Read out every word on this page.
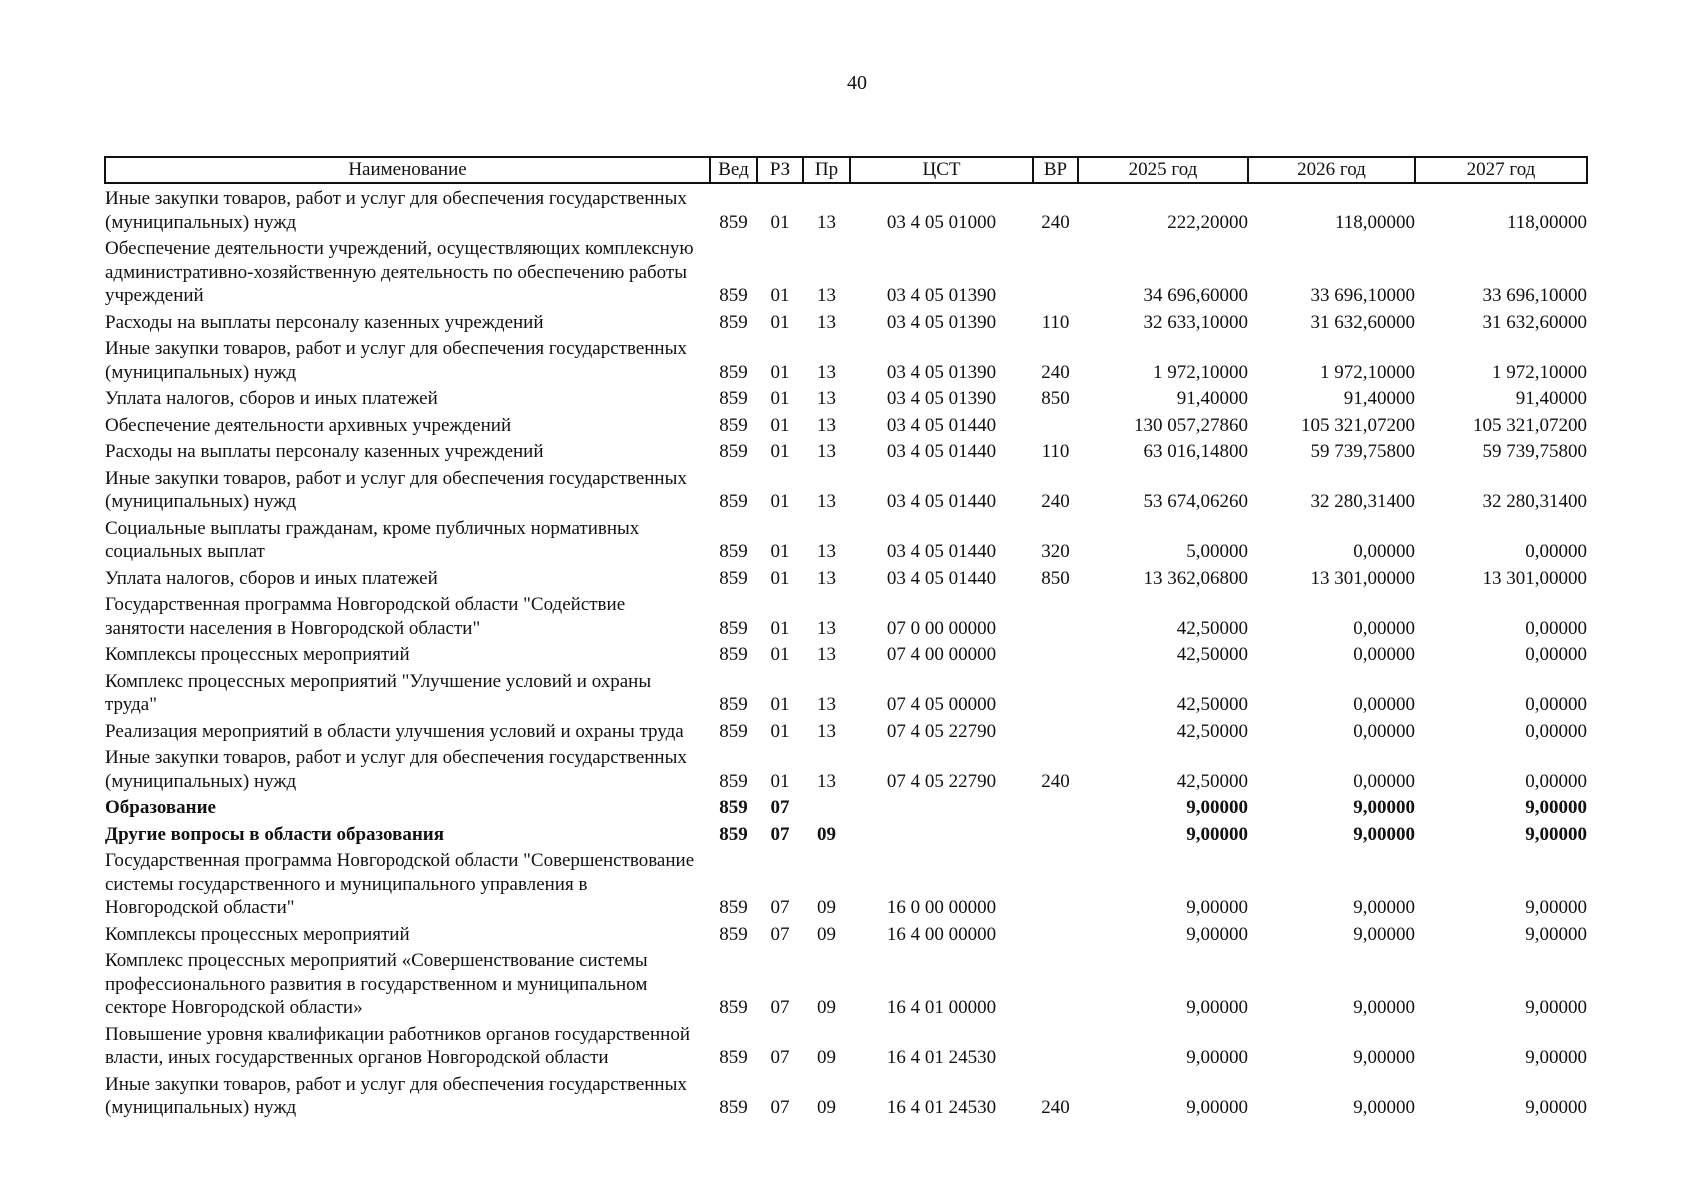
40
Наименование	Вед	РЗ	Пр	ЦСТ	ВР	2025 год	2026 год	2027 год
Иные закупки товаров, работ и услуг для обеспечения государственных (муниципальных) нужд	859	01	13	03 4 05 01000	240	222,20000	118,00000	118,00000
Обеспечение деятельности учреждений, осуществляющих комплексную административно-хозяйственную деятельность по обеспечению работы учреждений	859	01	13	03 4 05 01390		34 696,60000	33 696,10000	33 696,10000
Расходы на выплаты персоналу казенных учреждений	859	01	13	03 4 05 01390	110	32 633,10000	31 632,60000	31 632,60000
Иные закупки товаров, работ и услуг для обеспечения государственных (муниципальных) нужд	859	01	13	03 4 05 01390	240	1 972,10000	1 972,10000	1 972,10000
Уплата налогов, сборов и иных платежей	859	01	13	03 4 05 01390	850	91,40000	91,40000	91,40000
Обеспечение деятельности архивных учреждений	859	01	13	03 4 05 01440		130 057,27860	105 321,07200	105 321,07200
Расходы на выплаты персоналу казенных учреждений	859	01	13	03 4 05 01440	110	63 016,14800	59 739,75800	59 739,75800
Иные закупки товаров, работ и услуг для обеспечения государственных (муниципальных) нужд	859	01	13	03 4 05 01440	240	53 674,06260	32 280,31400	32 280,31400
Социальные выплаты гражданам, кроме публичных нормативных социальных выплат	859	01	13	03 4 05 01440	320	5,00000	0,00000	0,00000
Уплата налогов, сборов и иных платежей	859	01	13	03 4 05 01440	850	13 362,06800	13 301,00000	13 301,00000
Государственная программа Новгородской области "Содействие занятости населения в Новгородской области"	859	01	13	07 0 00 00000		42,50000	0,00000	0,00000
Комплексы процессных мероприятий	859	01	13	07 4 00 00000		42,50000	0,00000	0,00000
Комплекс процессных мероприятий "Улучшение условий и охраны труда"	859	01	13	07 4 05 00000		42,50000	0,00000	0,00000
Реализация мероприятий в области улучшения условий и охраны труда	859	01	13	07 4 05 22790		42,50000	0,00000	0,00000
Иные закупки товаров, работ и услуг для обеспечения государственных (муниципальных) нужд	859	01	13	07 4 05 22790	240	42,50000	0,00000	0,00000
Образование	859	07				9,00000	9,00000	9,00000
Другие вопросы в области образования	859	07	09			9,00000	9,00000	9,00000
Государственная программа Новгородской области "Совершенствование системы государственного и муниципального управления в Новгородской области"	859	07	09	16 0 00 00000		9,00000	9,00000	9,00000
Комплексы процессных мероприятий	859	07	09	16 4 00 00000		9,00000	9,00000	9,00000
Комплекс процессных мероприятий «Совершенствование системы профессионального развития в государственном и муниципальном секторе Новгородской области»	859	07	09	16 4 01 00000		9,00000	9,00000	9,00000
Повышение уровня квалификации работников органов государственной власти, иных государственных органов Новгородской области	859	07	09	16 4 01 24530		9,00000	9,00000	9,00000
Иные закупки товаров, работ и услуг для обеспечения государственных (муниципальных) нужд	859	07	09	16 4 01 24530	240	9,00000	9,00000	9,00000
